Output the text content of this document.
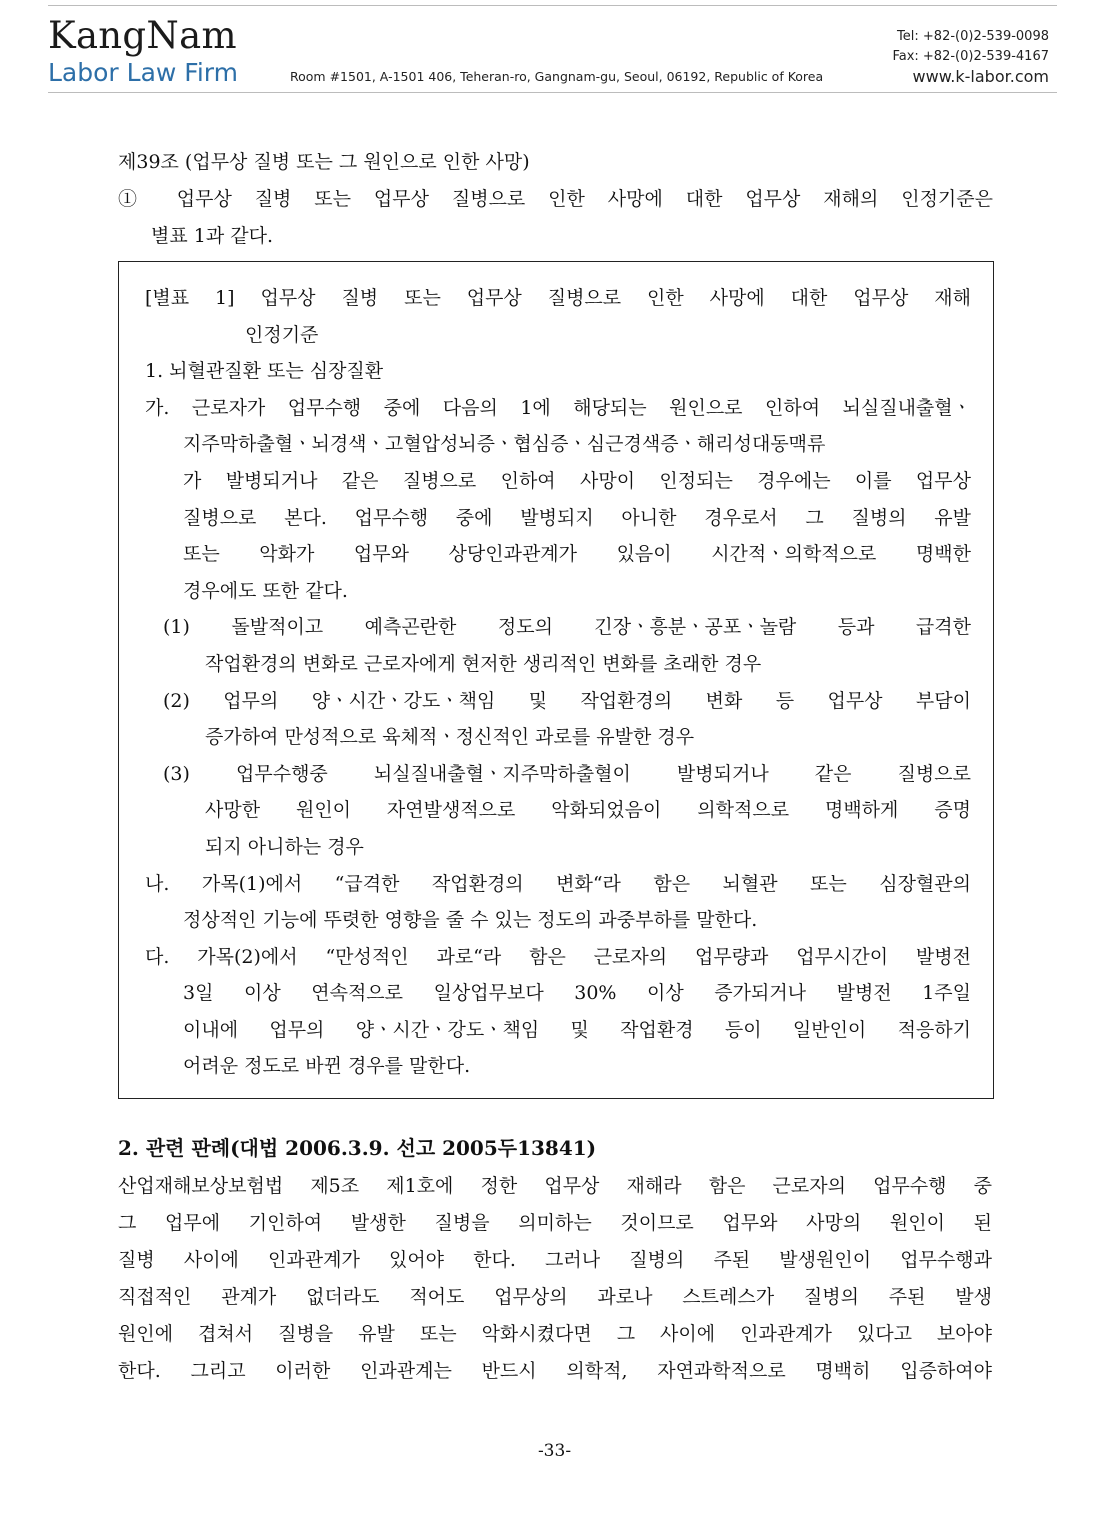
KangNam
Labor Law Firm	Room #1501, A-1501 406, Teheran-ro, Gangnam-gu, Seoul, 06192, Republic of Korea
Tel: +82-(0)2-539-0098
Fax: +82-(0)2-539-4167
www.k-labor.com
제39조 (업무상 질병 또는 그 원인으로 인한 사망)
① 업무상 질병 또는 업무상 질병으로 인한 사망에 대한 업무상 재해의 인정기준은
별표 1과 같다.
[별표 1] 업무상 질병 또는 업무상 질병으로 인한 사망에 대한 업무상 재해
인정기준
1. 뇌혈관질환 또는 심장질환
가. 근로자가 업무수행 중에 다음의 1에 해당되는 원인으로 인하여 뇌실질내출혈ㆍ
지주막하출혈ㆍ뇌경색ㆍ고혈압성뇌증ㆍ협심증ㆍ심근경색증ㆍ해리성대동맥류
가 발병되거나 같은 질병으로 인하여 사망이 인정되는 경우에는 이를 업무상
질병으로 본다. 업무수행 중에 발병되지 아니한 경우로서 그 질병의 유발
또는 악화가 업무와 상당인과관계가 있음이 시간적ㆍ의학적으로 명백한
경우에도 또한 같다.
(1) 돌발적이고 예측곤란한 정도의 긴장ㆍ흥분ㆍ공포ㆍ놀람 등과 급격한
작업환경의 변화로 근로자에게 현저한 생리적인 변화를 초래한 경우
(2) 업무의 양ㆍ시간ㆍ강도ㆍ책임 및 작업환경의 변화 등 업무상 부담이
증가하여 만성적으로 육체적ㆍ정신적인 과로를 유발한 경우
(3) 업무수행중 뇌실질내출혈ㆍ지주막하출혈이 발병되거나 같은 질병으로
사망한 원인이 자연발생적으로 악화되었음이 의학적으로 명백하게 증명
되지 아니하는 경우
나. 가목(1)에서 “급격한 작업환경의 변화“라 함은 뇌혈관 또는 심장혈관의
정상적인 기능에 뚜렷한 영향을 줄 수 있는 정도의 과중부하를 말한다.
다. 가목(2)에서 “만성적인 과로“라 함은 근로자의 업무량과 업무시간이 발병전
3일 이상 연속적으로 일상업무보다 30% 이상 증가되거나 발병전 1주일
이내에 업무의 양ㆍ시간ㆍ강도ㆍ책임 및 작업환경 등이 일반인이 적응하기
어려운 정도로 바뀐 경우를 말한다.
2. 관련 판례(대법 2006.3.9. 선고 2005두13841)
산업재해보상보험법 제5조 제1호에 정한 업무상 재해라 함은 근로자의 업무수행 중
그 업무에 기인하여 발생한 질병을 의미하는 것이므로 업무와 사망의 원인이 된
질병 사이에 인과관계가 있어야 한다. 그러나 질병의 주된 발생원인이 업무수행과
직접적인 관계가 없더라도 적어도 업무상의 과로나 스트레스가 질병의 주된 발생
원인에 겹쳐서 질병을 유발 또는 악화시켰다면 그 사이에 인과관계가 있다고 보아야
한다. 그리고 이러한 인과관계는 반드시 의학적, 자연과학적으로 명백히 입증하여야
-33-
